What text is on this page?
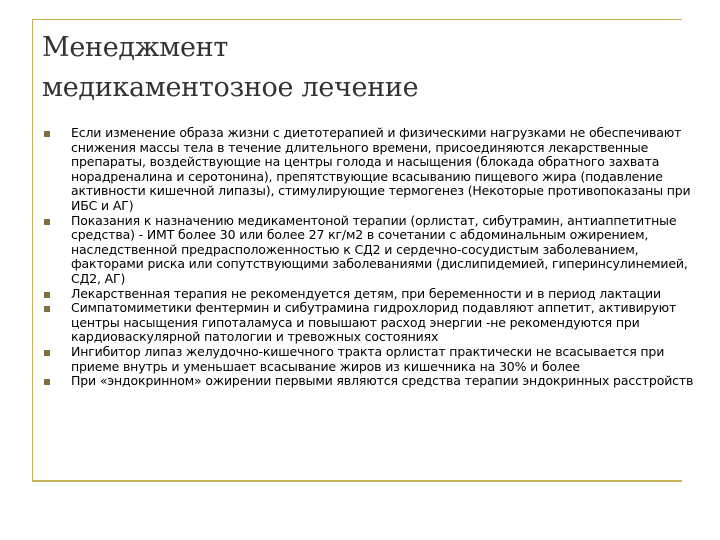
Менеджмент
медикаментозное лечение
Если изменение образа жизни с диетотерапией и физическими нагрузками не обеспечивают снижения массы тела в течение длительного времени, присоединяются лекарственные препараты, воздействующие на центры голода и насыщения (блокада обратного захвата норадреналина и серотонина), препятствующие всасыванию пищевого жира (подавление активности кишечной липазы), стимулирующие термогенез (Некоторые противопоказаны при ИБС и АГ)
Показания к назначению медикаментоной терапии (орлистат, сибутрамин, антиаппетитные средства) - ИМТ более 30 или более 27 кг/м2 в сочетании с абдоминальным ожирением, наследственной предрасположенностью к СД2 и сердечно-сосудистым заболеванием, факторами риска или сопутствующими заболеваниями (дислипидемией, гиперинсулинемией, СД2, АГ)
Лекарственная терапия не рекомендуется детям, при беременности и в период лактации
Симпатомиметики фентермин и сибутрамина гидрохлорид подавляют аппетит, активируют центры насыщения гипоталамуса и повышают расход энергии -не рекомендуются при кардиоваскулярной патологии и тревожных состояниях
Ингибитор липаз желудочно-кишечного тракта орлистат практически не всасывается при приеме внутрь и уменьшает всасывание жиров из кишечника на 30% и более
При «эндокринном» ожирении первыми являются средства терапии эндокринных расстройств
